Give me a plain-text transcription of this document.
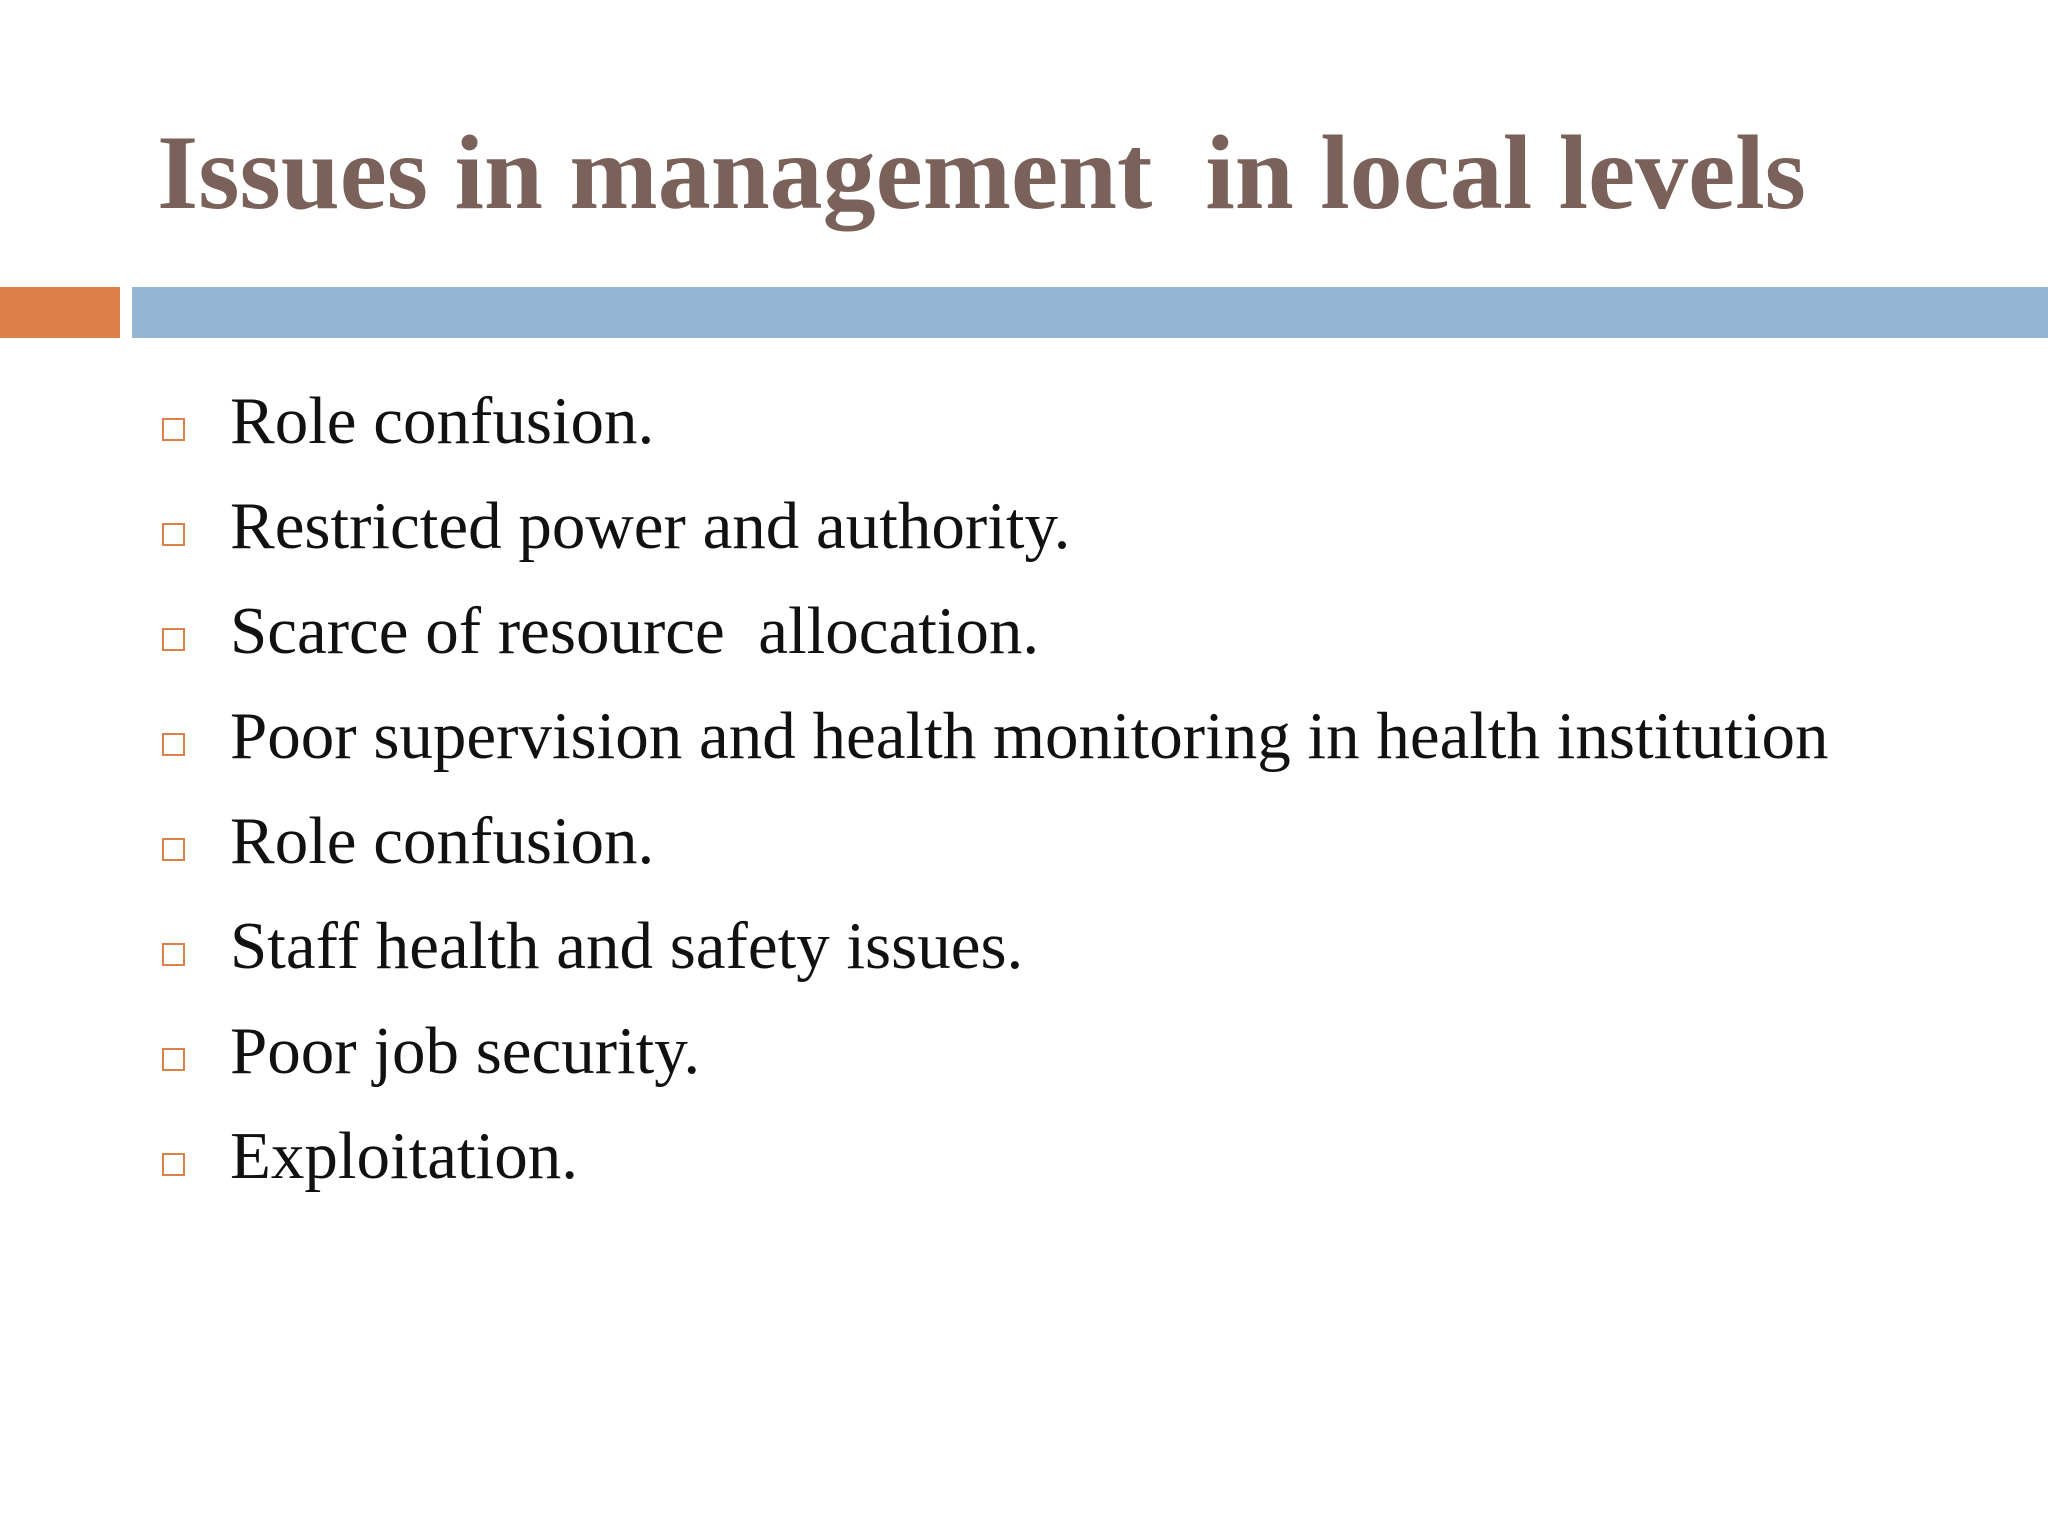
Issues in management  in local levels
Role confusion.
Restricted power and authority.
Scarce of resource  allocation.
Poor supervision and health monitoring in health institution
Role confusion.
Staff health and safety issues.
Poor job security.
Exploitation.
